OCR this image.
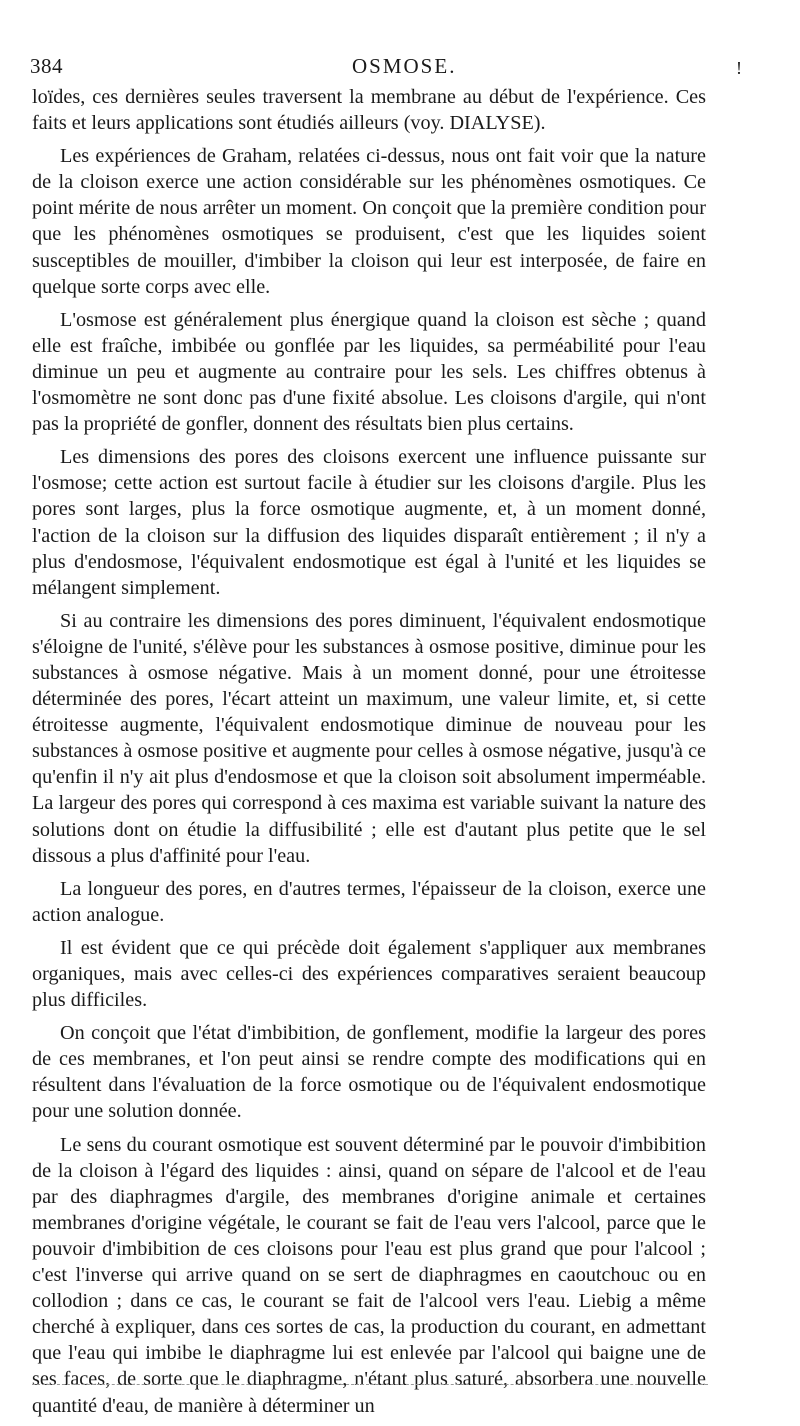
384	OSMOSE.	!

loïdes, ces dernières seules traversent la membrane au début de l'expérience. Ces faits et leurs applications sont étudiés ailleurs (voy. DIALYSE).

Les expériences de Graham, relatées ci-dessus, nous ont fait voir que la nature de la cloison exerce une action considérable sur les phénomènes osmotiques. Ce point mérite de nous arrêter un moment. On conçoit que la première condition pour que les phénomènes osmotiques se produisent, c'est que les liquides soient susceptibles de mouiller, d'imbiber la cloison qui leur est interposée, de faire en quelque sorte corps avec elle.

L'osmose est généralement plus énergique quand la cloison est sèche ; quand elle est fraîche, imbibée ou gonflée par les liquides, sa perméabilité pour l'eau diminue un peu et augmente au contraire pour les sels. Les chiffres obtenus à l'osmomètre ne sont donc pas d'une fixité absolue. Les cloisons d'argile, qui n'ont pas la propriété de gonfler, donnent des résultats bien plus certains.

Les dimensions des pores des cloisons exercent une influence puissante sur l'osmose; cette action est surtout facile à étudier sur les cloisons d'argile. Plus les pores sont larges, plus la force osmotique augmente, et, à un moment donné, l'action de la cloison sur la diffusion des liquides disparaît entièrement ; il n'y a plus d'endosmose, l'équivalent endosmotique est égal à l'unité et les liquides se mélangent simplement.

Si au contraire les dimensions des pores diminuent, l'équivalent endosmotique s'éloigne de l'unité, s'élève pour les substances à osmose positive, diminue pour les substances à osmose négative. Mais à un moment donné, pour une étroitesse déterminée des pores, l'écart atteint un maximum, une valeur limite, et, si cette étroitesse augmente, l'équivalent endosmotique diminue de nouveau pour les substances à osmose positive et augmente pour celles à osmose négative, jusqu'à ce qu'enfin il n'y ait plus d'endosmose et que la cloison soit absolument imperméable. La largeur des pores qui correspond à ces maxima est variable suivant la nature des solutions dont on étudie la diffusibilité ; elle est d'autant plus petite que le sel dissous a plus d'affinité pour l'eau.

La longueur des pores, en d'autres termes, l'épaisseur de la cloison, exerce une action analogue.

Il est évident que ce qui précède doit également s'appliquer aux membranes organiques, mais avec celles-ci des expériences comparatives seraient beaucoup plus difficiles.

On conçoit que l'état d'imbibition, de gonflement, modifie la largeur des pores de ces membranes, et l'on peut ainsi se rendre compte des modifications qui en résultent dans l'évaluation de la force osmotique ou de l'équivalent endosmotique pour une solution donnée.

Le sens du courant osmotique est souvent déterminé par le pouvoir d'imbibition de la cloison à l'égard des liquides : ainsi, quand on sépare de l'alcool et de l'eau par des diaphragmes d'argile, des membranes d'origine animale et certaines membranes d'origine végétale, le courant se fait de l'eau vers l'alcool, parce que le pouvoir d'imbibition de ces cloisons pour l'eau est plus grand que pour l'alcool ; c'est l'inverse qui arrive quand on se sert de diaphragmes en caoutchouc ou en collodion ; dans ce cas, le courant se fait de l'alcool vers l'eau. Liebig a même cherché à expliquer, dans ces sortes de cas, la production du courant, en admettant que l'eau qui imbibe le diaphragme lui est enlevée par l'alcool qui baigne une de ses faces, de sorte que le diaphragme, n'étant plus saturé, absorbera une nouvelle quantité d'eau, de manière à déterminer un
